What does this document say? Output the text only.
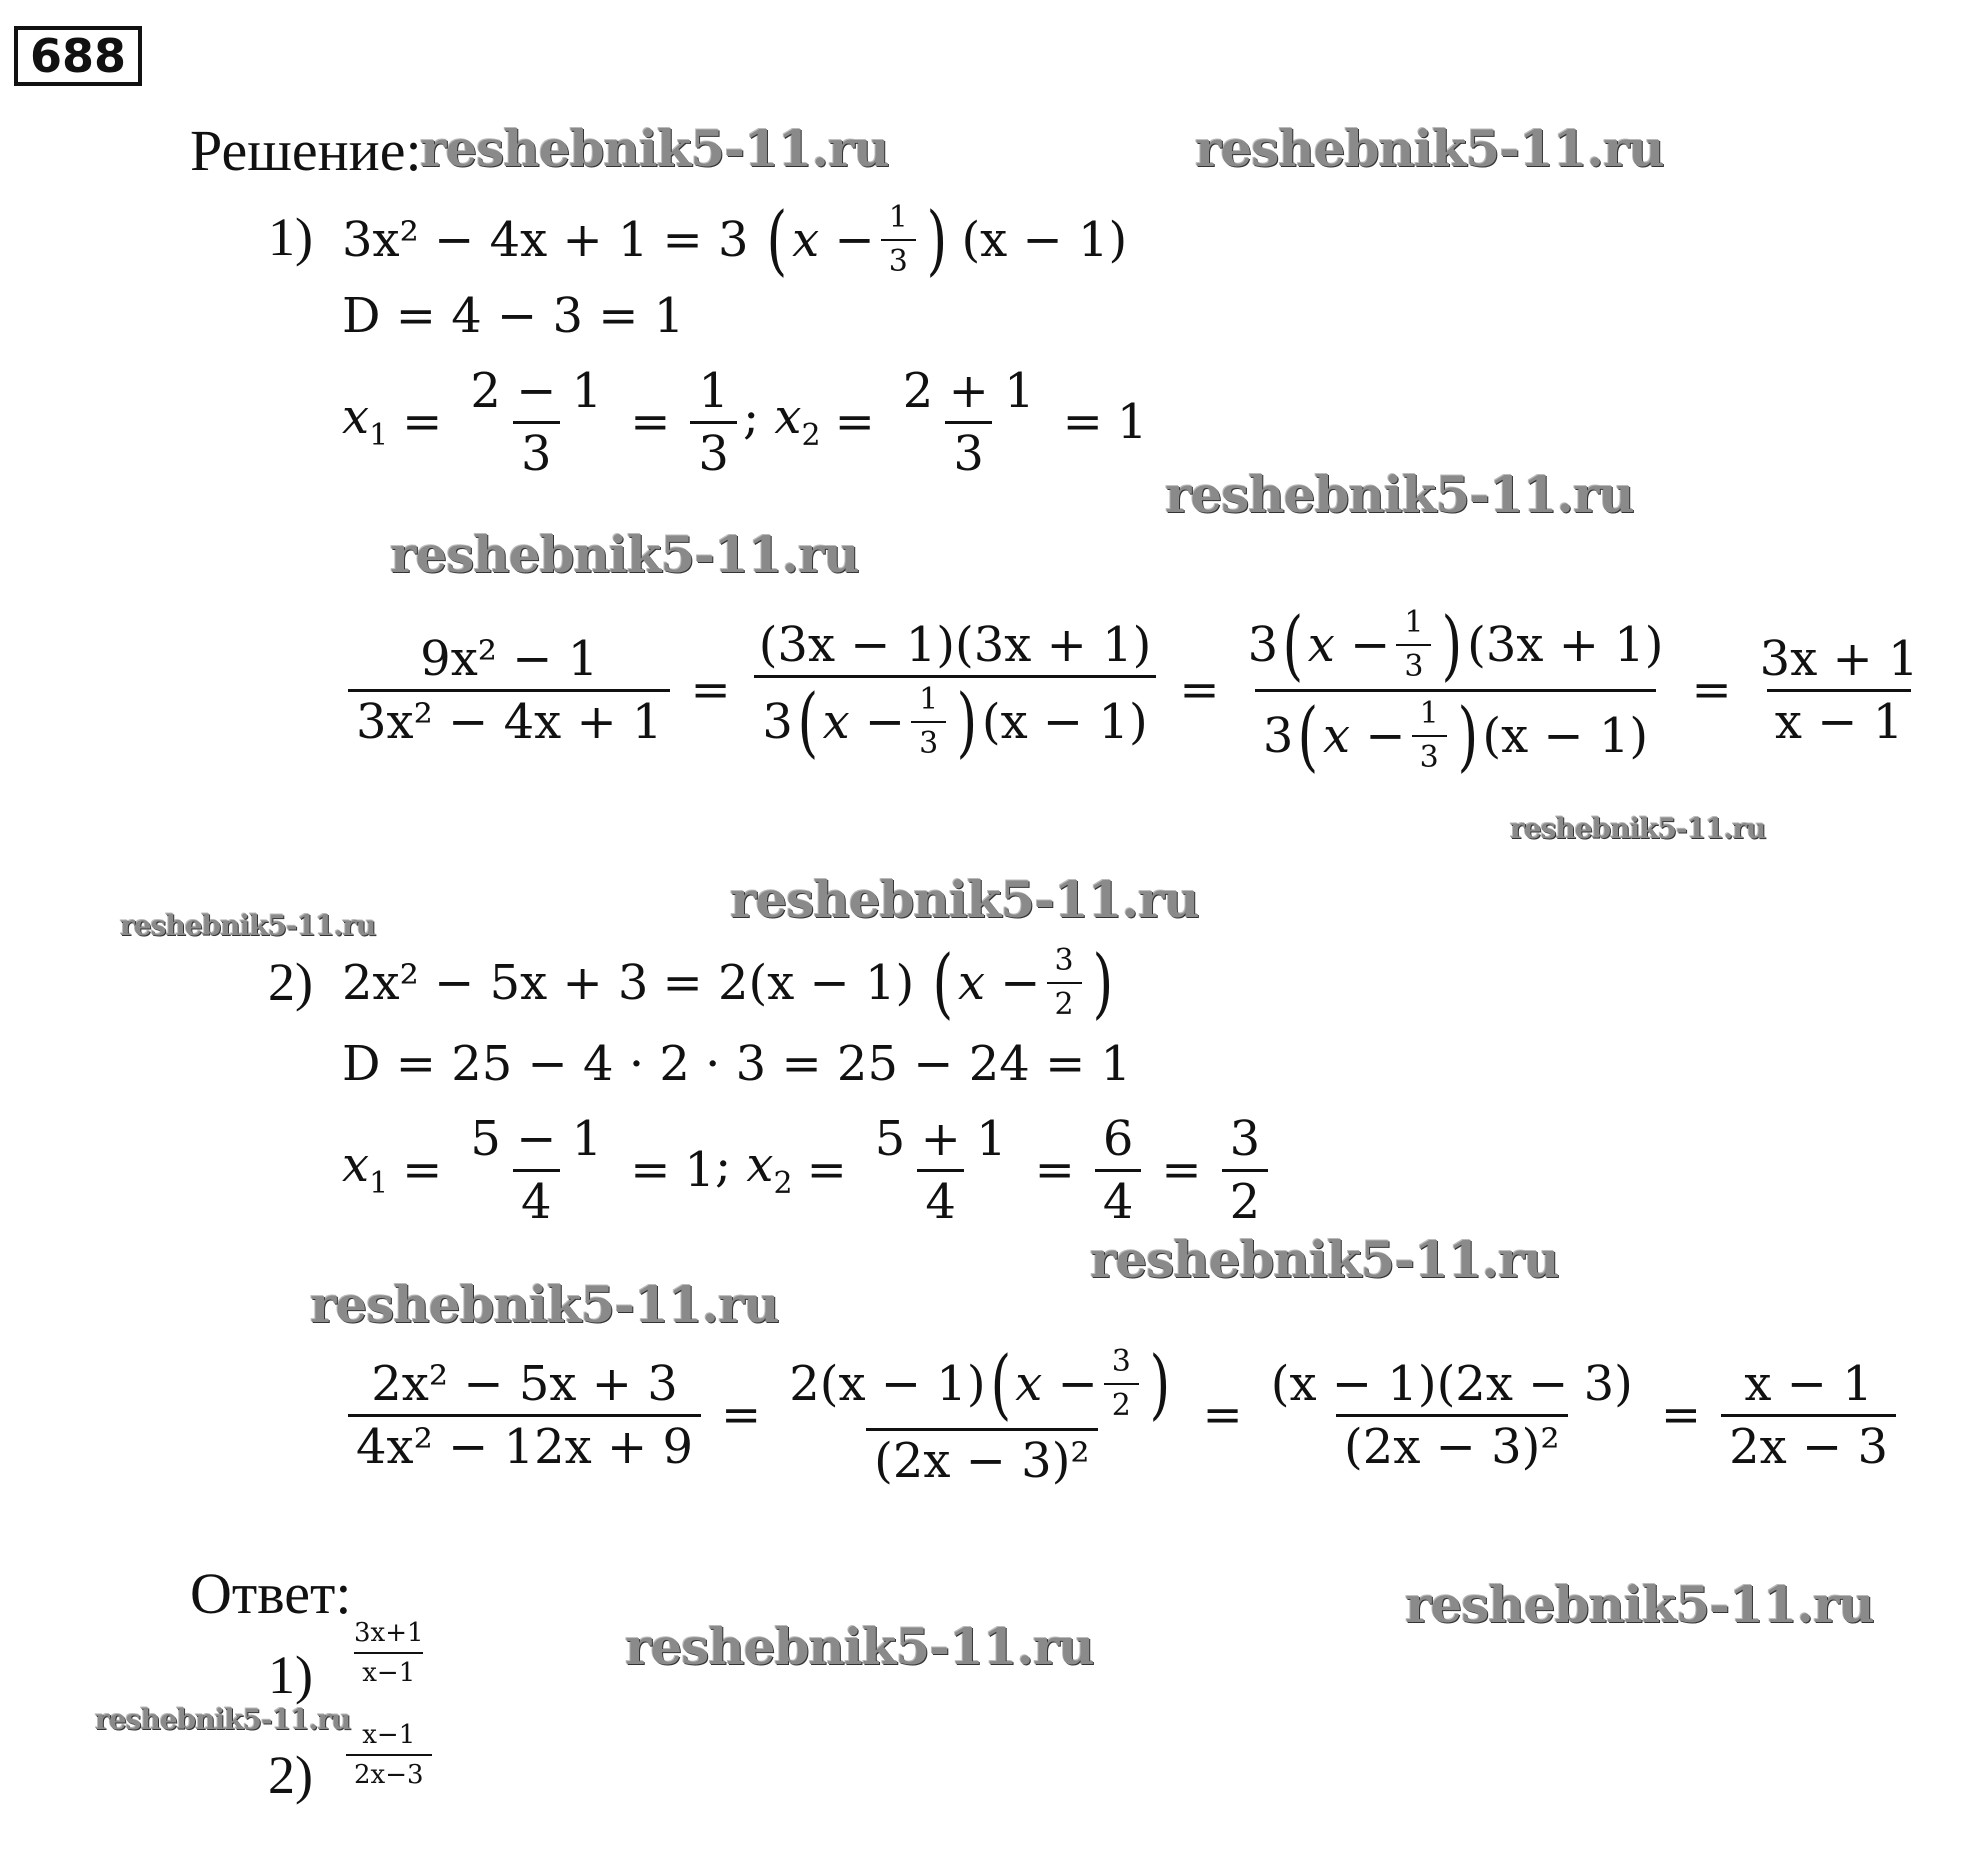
688
Решение:
reshebnik5-11.ru	reshebnik5-11.ru
reshebnik5-11.ru
reshebnik5-11.ru
reshebnik5-11.ru
reshebnik5-11.ru
reshebnik5-11.ru
reshebnik5-11.ru
reshebnik5-11.ru
reshebnik5-11.ru
reshebnik5-11.ru
reshebnik5-11.ru
1) 3x² − 4x + 1 = 3 ( $x - \frac{1}{3}$ ) (x − 1)
D = 4 − 3 = 1
$x_1 = \frac{2 - 1}{3} = \frac{1}{3}$ ; $x_2 = \frac{2 + 1}{3} = 1$
$\frac{\text{9x² − 1}}{\text{3x² − 4x + 1}} = \frac{(3x - 1)(3x + 1)}{3 ( x - \frac{1}{3} ) (x - 1)} = \frac{3 ( x - \frac{1}{3} ) (3x + 1)}{3 ( x - \frac{1}{3} ) (x - 1)} = \frac{3x + 1}{x - 1}$
2) 2x² − 5x + 3 = 2(x − 1) ( $x - \frac{3}{2}$ )
D = 25 − 4 · 2 · 3 = 25 − 24 = 1
$x_1 = \frac{5 - 1}{4} = 1$ ; $x_2 = \frac{5 + 1}{4} = \frac{6}{4} = \frac{3}{2}$
$\frac{\text{2x² − 5x + 3}}{\text{4x² − 12x + 9}} = \frac{2(x - 1) ( x - \frac{3}{2} )}{\text{(2x − 3)²}} = \frac{(x - 1)(2x - 3)}{\text{(2x − 3)²}} = \frac{x - 1}{2x - 3}$
Ответ:
$1) \frac{3x+1}{x-1}$
$2) \frac{x-1}{2x-3}$
